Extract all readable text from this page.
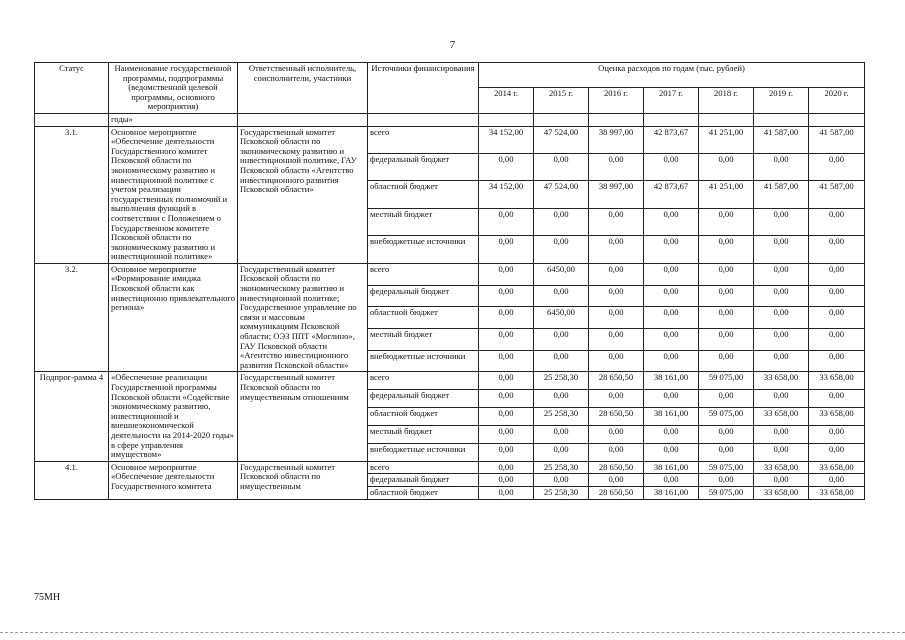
7
Статус	Наименование государственной программы, подпрограммы (ведомственной целевой программы, основного мероприятия)	Ответственный исполнитель, соисполнители, участники	Источники финансирования	Оценка расходов по годам (тыс. рублей)						
				2014 г.	2015 г.	2016 г.	2017 г.	2018 г.	2019 г.	2020 г.
	годы»									
3.1.	Основное мероприятие «Обеспечение деятельности Государственного комитет Псковской области по экономическому развитию и инвестиционной политике с учетом реализации государственных полномочий и выполнения функций в соответствии с Положением о Государственном комитете Псковской области по экономическому развитию и инвестиционной политике»	Государственный комитет Псковской области по экономическому развитию и инвестиционной политике, ГАУ Псковской области «Агентство инвестиционного развития Псковской области»	всего	34 152,00	47 524,00	38 997,00	42 873,67	41 251,00	41 587,00	41 587,00
			федеральный бюджет	0,00	0,00	0,00	0,00	0,00	0,00	0,00
			областной бюджет	34 152,00	47 524,00	38 997,00	42 873,67	41 251,00	41 587,00	41 587,00
			местный бюджет	0,00	0,00	0,00	0,00	0,00	0,00	0,00
			внебюджетные источники	0,00	0,00	0,00	0,00	0,00	0,00	0,00
3.2.	Основное мероприятие «Формирование имиджа Псковской области как инвестиционно привлекательного региона»	Государственный комитет Псковской области по экономическому развитию и инвестиционной политике; Государственное управление по связи и массовым коммуникациям Псковской области; ОЭЗ ППТ «Моглино», ГАУ Псковской области «Агентство инвестиционного развития Псковской области»	всего	0,00	6450,00	0,00	0,00	0,00	0,00	0,00
			федеральный бюджет	0,00	0,00	0,00	0,00	0,00	0,00	0,00
			областной бюджет	0,00	6450,00	0,00	0,00	0,00	0,00	0,00
			местный бюджет	0,00	0,00	0,00	0,00	0,00	0,00	0,00
			внебюджетные источники	0,00	0,00	0,00	0,00	0,00	0,00	0,00
Подпрог-рамма 4	«Обеспечение реализации Государственной программы Псковской области «Содействие экономическому развитию, инвестиционной и внешнеэкономической деятельности на 2014-2020 годы» в сфере управления имуществом»	Государственный комитет Псковской области по имущественным отношениям	всего	0,00	25 258,30	28 650,50	38 161,00	59 075,00	33 658,00	33 658,00
			федеральный бюджет	0,00	0,00	0,00	0,00	0,00	0,00	0,00
			областной бюджет	0,00	25 258,30	28 650,50	38 161,00	59 075,00	33 658,00	33 658,00
			местный бюджет	0,00	0,00	0,00	0,00	0,00	0,00	0,00
			внебюджетные источники	0,00	0,00	0,00	0,00	0,00	0,00	0,00
4.1.	Основное мероприятие «Обеспечение деятельности Государственного комитета	Государственный комитет Псковской области по имущественным	всего	0,00	25 258,30	28 650,50	38 161,00	59 075,00	33 658,00	33 658,00
			федеральный бюджет	0,00	0,00	0,00	0,00	0,00	0,00	0,00
			областной бюджет	0,00	25 258,30	28 650,50	38 161,00	59 075,00	33 658,00	33 658,00
75МН
